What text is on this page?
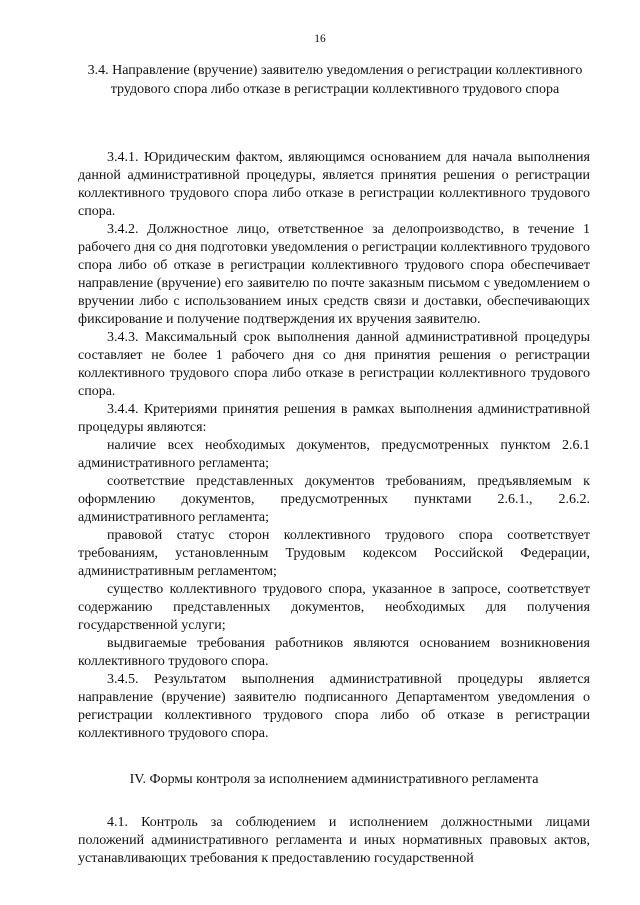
16
3.4. Направление (вручение) заявителю уведомления о регистрации коллективного трудового спора либо отказе в регистрации коллективного трудового спора

3.4.1. Юридическим фактом, являющимся основанием для начала выполнения данной административной процедуры, является принятия решения о регистрации коллективного трудового спора либо отказе в регистрации коллективного трудового спора.

3.4.2. Должностное лицо, ответственное за делопроизводство, в течение 1 рабочего дня со дня подготовки уведомления о регистрации коллективного трудового спора либо об отказе в регистрации коллективного трудового спора обеспечивает направление (вручение) его заявителю по почте заказным письмом с уведомлением о вручении либо с использованием иных средств связи и доставки, обеспечивающих фиксирование и получение подтверждения их вручения заявителю.

3.4.3. Максимальный срок выполнения данной административной процедуры составляет не более 1 рабочего дня со дня принятия решения о регистрации коллективного трудового спора либо отказе в регистрации коллективного трудового спора.

3.4.4. Критериями принятия решения в рамках выполнения административной процедуры являются:

наличие всех необходимых документов, предусмотренных пунктом 2.6.1 административного регламента;

соответствие представленных документов требованиям, предъявляемым к оформлению документов, предусмотренных пунктами 2.6.1., 2.6.2. административного регламента;

правовой статус сторон коллективного трудового спора соответствует требованиям, установленным Трудовым кодексом Российской Федерации, административным регламентом;

существо коллективного трудового спора, указанное в запросе, соответствует содержанию представленных документов, необходимых для получения государственной услуги;

выдвигаемые требования работников являются основанием возникновения коллективного трудового спора.

3.4.5. Результатом выполнения административной процедуры является направление (вручение) заявителю подписанного Департаментом уведомления о регистрации коллективного трудового спора либо об отказе в регистрации коллективного трудового спора.

IV. Формы контроля за исполнением административного регламента

4.1. Контроль за соблюдением и исполнением должностными лицами положений административного регламента и иных нормативных правовых актов, устанавливающих требования к предоставлению государственной
